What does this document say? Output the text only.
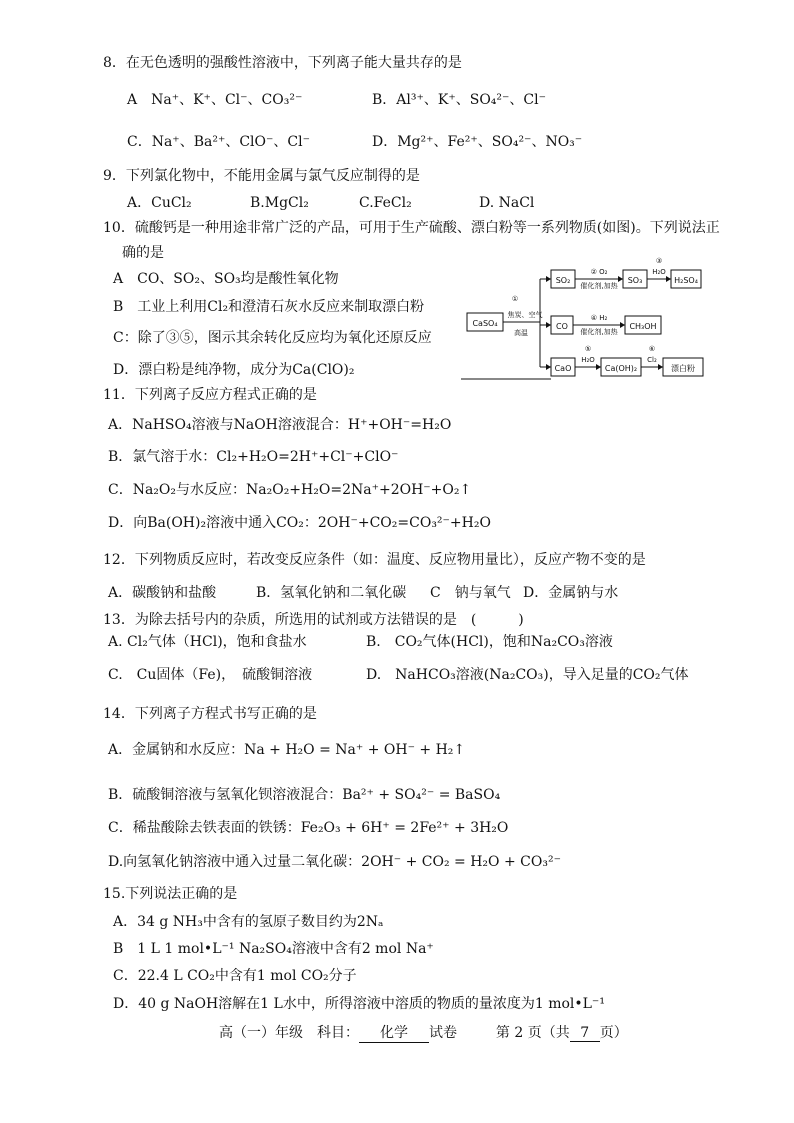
8．在无色透明的强酸性溶液中，下列离子能大量共存的是
A　Na⁺、K⁺、Cl⁻、CO₃²⁻	B．Al³⁺、K⁺、SO₄²⁻、Cl⁻
C．Na⁺、Ba²⁺、ClO⁻、Cl⁻	D．Mg²⁺、Fe²⁺、SO₄²⁻、NO₃⁻
9．下列氯化物中，不能用金属与氯气反应制得的是
A．CuCl₂	B.MgCl₂	C.FeCl₂	D. NaCl
10．硫酸钙是一种用途非常广泛的产品，可用于生产硫酸、漂白粉等一系列物质(如图)。下列说法正
确的是
A　CO、SO₂、SO₃均是酸性氧化物
B　工业上利用Cl₂和澄清石灰水反应来制取漂白粉
C：除了③⑤，图示其余转化反应均为氧化还原反应
D．漂白粉是纯净物，成分为Ca(ClO)₂
CaSO₄
SO₂	SO₃	H₂SO₄
CO	CH₃OH
CaO	Ca(OH)₂	漂白粉
①
焦炭、空气
高温
② O₂
催化剂,加热
③
H₂O
④ H₂
催化剂,加热
⑤
H₂O
⑥
Cl₂
11．下列离子反应方程式正确的是
A．NaHSO₄溶液与NaOH溶液混合：H⁺+OH⁻=H₂O
B．氯气溶于水：Cl₂+H₂O=2H⁺+Cl⁻+ClO⁻
C．Na₂O₂与水反应：Na₂O₂+H₂O=2Na⁺+2OH⁻+O₂↑
D．向Ba(OH)₂溶液中通入CO₂：2OH⁻+CO₂=CO₃²⁻+H₂O
12．下列物质反应时，若改变反应条件（如：温度、反应物用量比），反应产物不变的是
A．碳酸钠和盐酸	B．氢氧化钠和二氧化碳 C　钠与氧气 D．金属钠与水
13．为除去括号内的杂质，所选用的试剂或方法错误的是　(　　　)
A. Cl₂气体（HCl)，饱和食盐水	B.　CO₂气体(HCl)，饱和Na₂CO₃溶液
C.　Cu固体（Fe)，　硫酸铜溶液	D.　NaHCO₃溶液(Na₂CO₃)，导入足量的CO₂气体
14．下列离子方程式书写正确的是
A．金属钠和水反应：Na + H₂O = Na⁺ + OH⁻ + H₂↑
B．硫酸铜溶液与氢氧化钡溶液混合：Ba²⁺ + SO₄²⁻ = BaSO₄
C．稀盐酸除去铁表面的铁锈：Fe₂O₃ + 6H⁺ = 2Fe²⁺ + 3H₂O
D.向氢氧化钠溶液中通入过量二氧化碳：2OH⁻ + CO₂ = H₂O + CO₃²⁻
15.下列说法正确的是
A．34 g NH₃中含有的氢原子数目约为2Nₐ
B　1 L 1 mol•L⁻¹ Na₂SO₄溶液中含有2 mol Na⁺
C．22.4 L CO₂中含有1 mol CO₂分子
D．40 g NaOH溶解在1 L水中，所得溶液中溶质的物质的量浓度为1 mol•L⁻¹
高（一）年级　科目： 化学 试卷	第 2 页（共 7 页）
